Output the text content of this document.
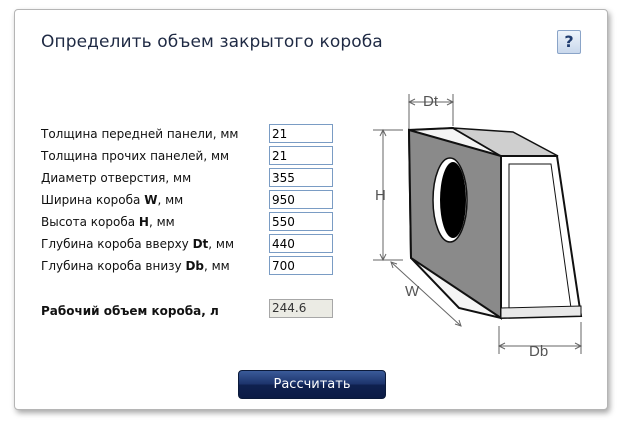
Определить объем закрытого короба	?
Толщина передней панели, мм
21
Толщина прочих панелей, мм
21
Диаметр отверстия, мм
355
Ширина короба W, мм
950
Высота короба H, мм
550
Глубина короба вверху Dt, мм
440
Глубина короба внизу Db, мм
700
Рабочий объем короба, л	244.6
Рассчитать
Dt
H
W
Db
